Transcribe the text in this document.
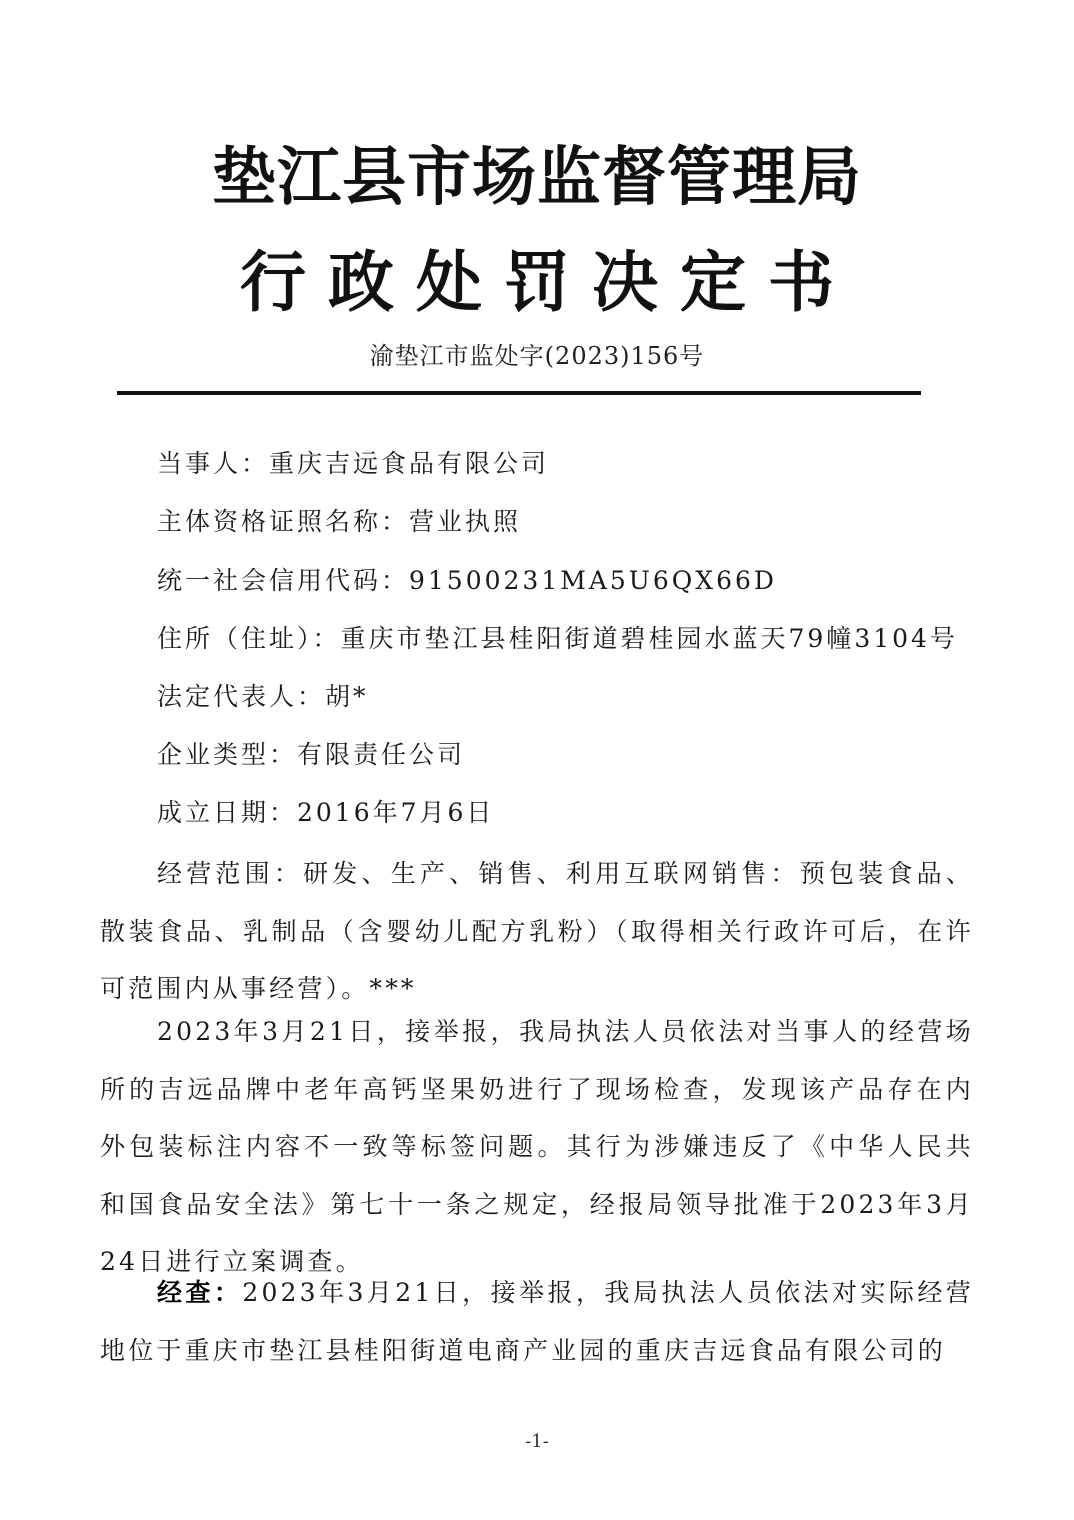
垫江县市场监督管理局
行政处罚决定书
渝垫江市监处字(2023)156号
当事人：重庆吉远食品有限公司
主体资格证照名称：营业执照
统一社会信用代码：91500231MA5U6QX66D
住所（住址）：重庆市垫江县桂阳街道碧桂园水蓝天79幢3104号
法定代表人：胡*
企业类型：有限责任公司
成立日期：2016年7月6日
经营范围：研发、生产、销售、利用互联网销售：预包装食品、散装食品、乳制品（含婴幼儿配方乳粉）（取得相关行政许可后，在许可范围内从事经营）。***
2023年3月21日，接举报，我局执法人员依法对当事人的经营场所的吉远品牌中老年高钙坚果奶进行了现场检查，发现该产品存在内外包装标注内容不一致等标签问题。其行为涉嫌违反了《中华人民共和国食品安全法》第七十一条之规定，经报局领导批准于2023年3月24日进行立案调查。
经查：2023年3月21日，接举报，我局执法人员依法对实际经营地位于重庆市垫江县桂阳街道电商产业园的重庆吉远食品有限公司的
-1-
